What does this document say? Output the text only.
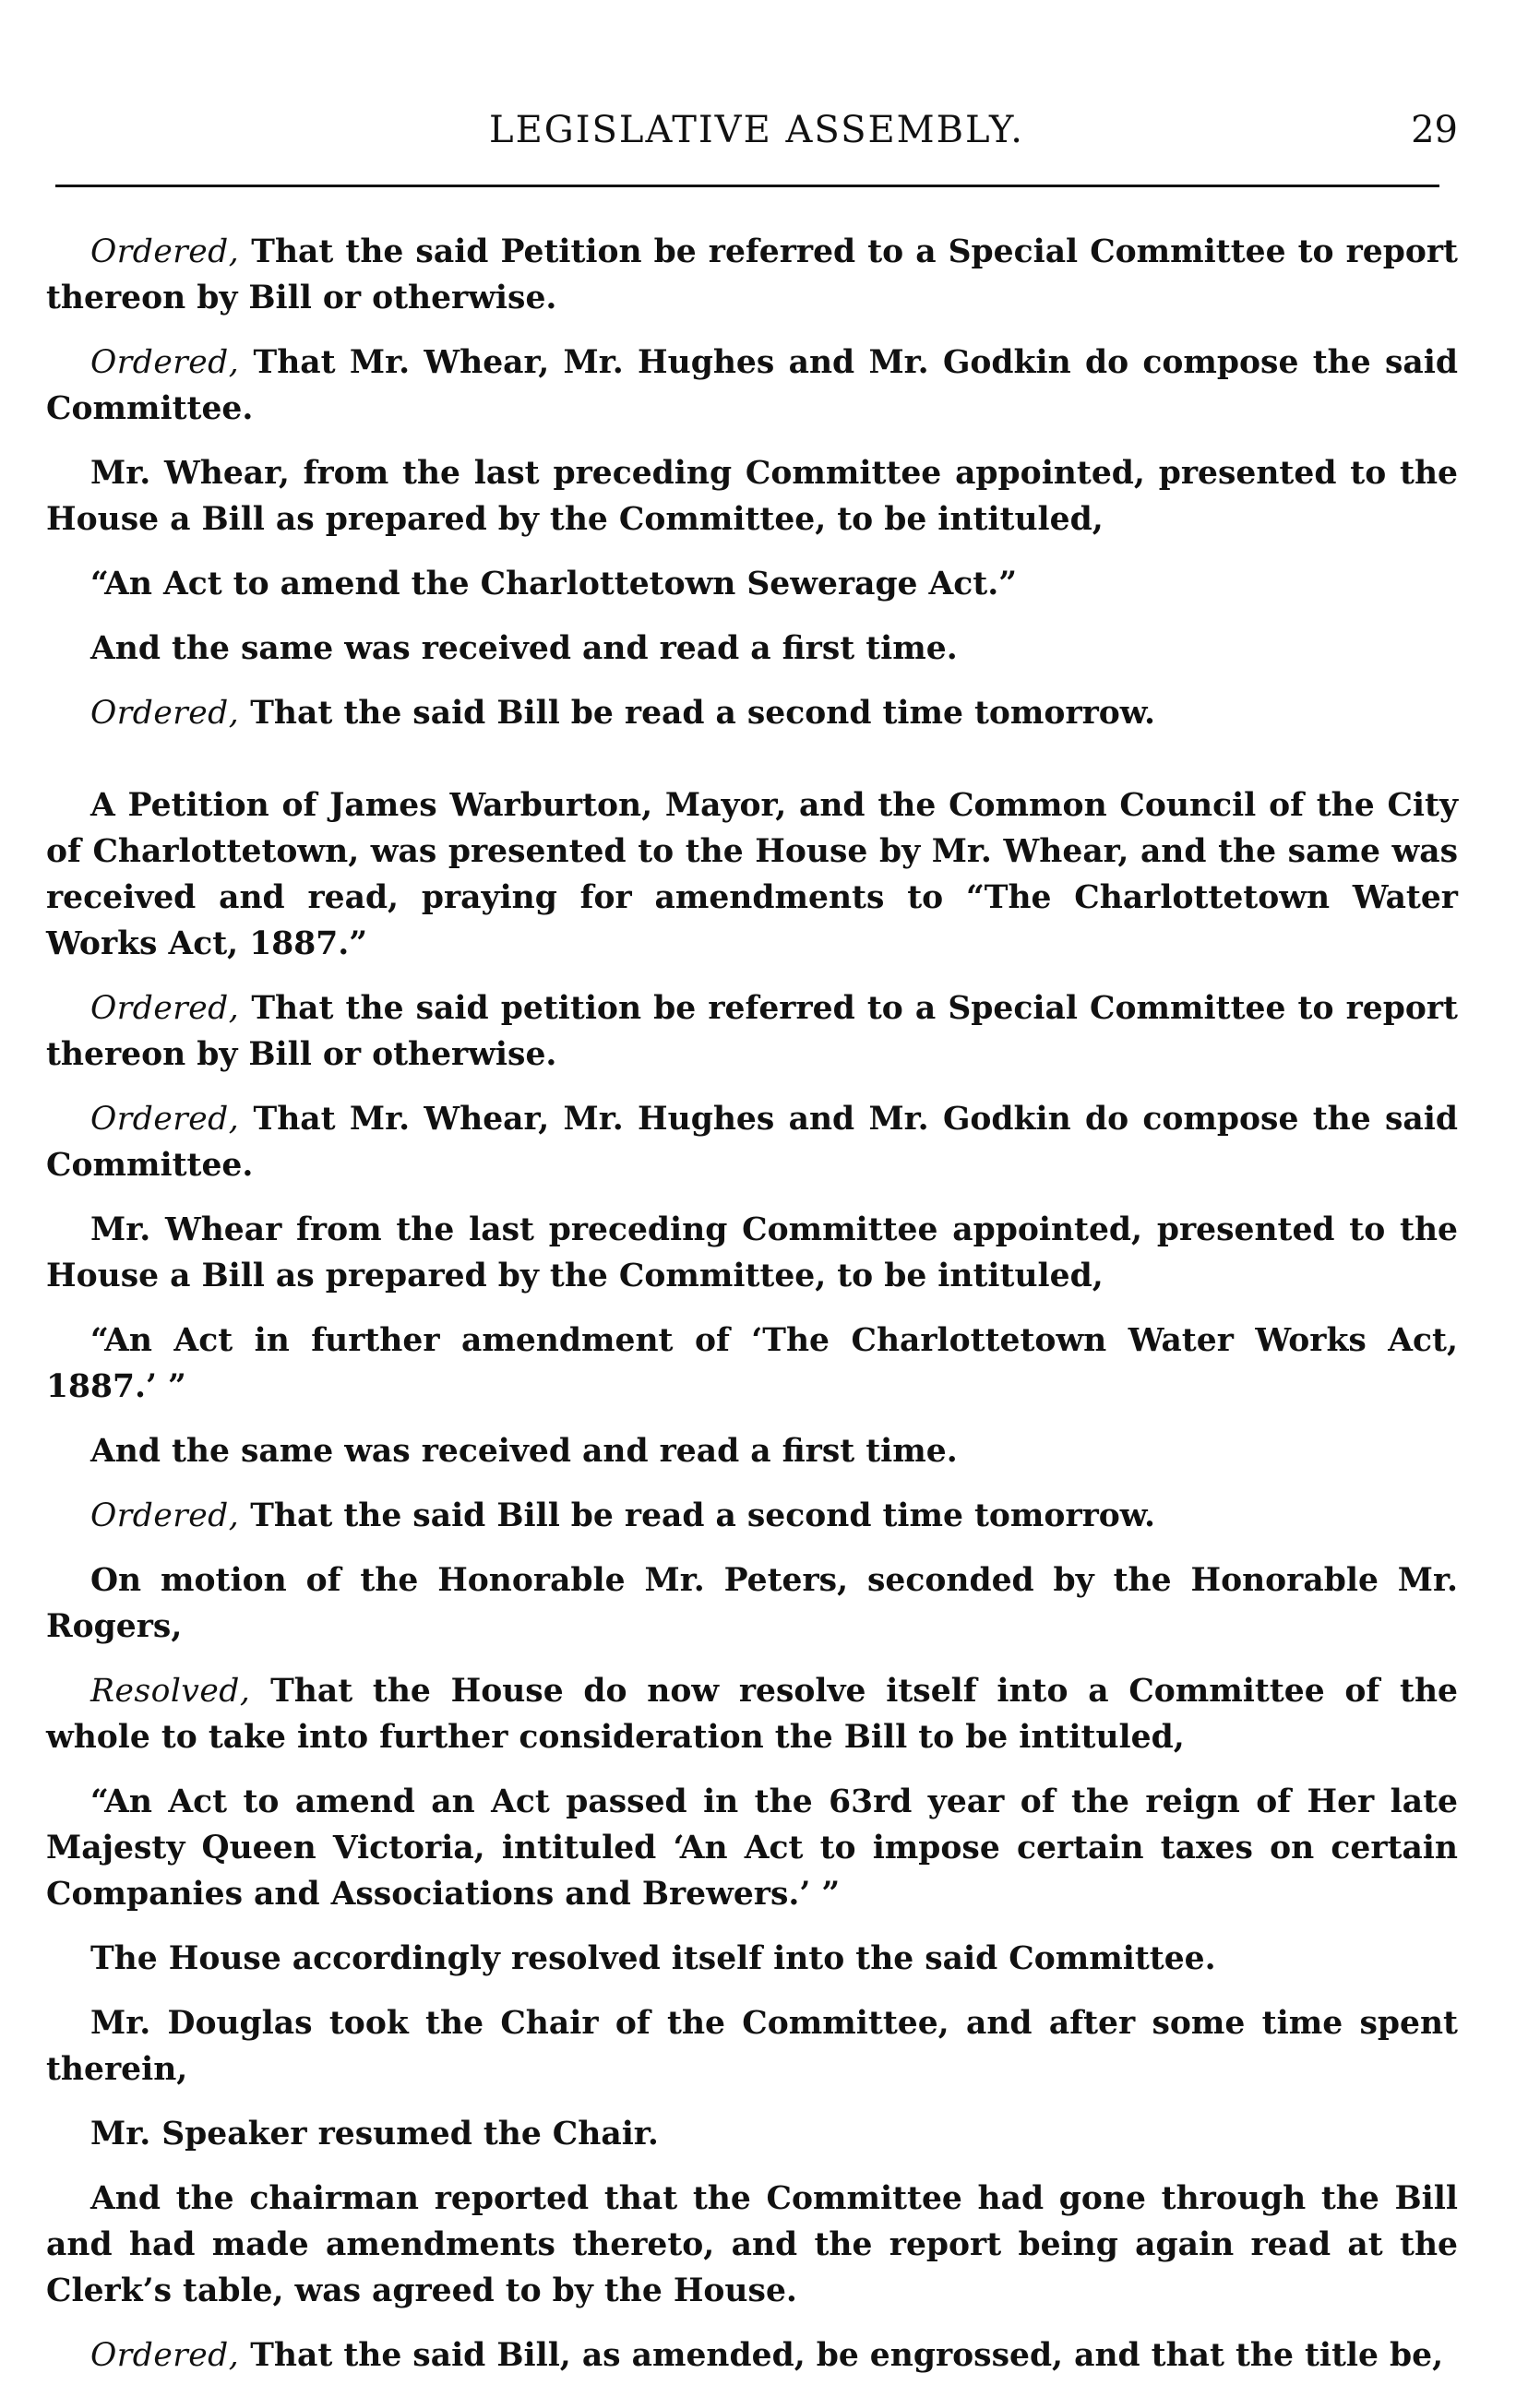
LEGISLATIVE ASSEMBLY.	29

Ordered, That the said Petition be referred to a Special Committee to report thereon by Bill or otherwise.

Ordered, That Mr. Whear, Mr. Hughes and Mr. Godkin do compose the said Committee.

Mr. Whear, from the last preceding Committee appointed, presented to the House a Bill as prepared by the Committee, to be intituled,

“An Act to amend the Charlottetown Sewerage Act.”

And the same was received and read a first time.

Ordered, That the said Bill be read a second time tomorrow.

A Petition of James Warburton, Mayor, and the Common Council of the City of Charlottetown, was presented to the House by Mr. Whear, and the same was received and read, praying for amendments to “The Charlottetown Water Works Act, 1887.”

Ordered, That the said petition be referred to a Special Committee to report thereon by Bill or otherwise.

Ordered, That Mr. Whear, Mr. Hughes and Mr. Godkin do compose the said Committee.

Mr. Whear from the last preceding Committee appointed, presented to the House a Bill as prepared by the Committee, to be intituled,

“An Act in further amendment of ‘The Charlottetown Water Works Act, 1887.’ ”

And the same was received and read a first time.

Ordered, That the said Bill be read a second time tomorrow.

On motion of the Honorable Mr. Peters, seconded by the Honorable Mr. Rogers,

Resolved, That the House do now resolve itself into a Committee of the whole to take into further consideration the Bill to be intituled,

“An Act to amend an Act passed in the 63rd year of the reign of Her late Majesty Queen Victoria, intituled ‘An Act to impose certain taxes on certain Companies and Associations and Brewers.’ ”

The House accordingly resolved itself into the said Committee.

Mr. Douglas took the Chair of the Committee, and after some time spent therein,

Mr. Speaker resumed the Chair.

And the chairman reported that the Committee had gone through the Bill and had made amendments thereto, and the report being again read at the Clerk’s table, was agreed to by the House.

Ordered, That the said Bill, as amended, be engrossed, and that the title be,
